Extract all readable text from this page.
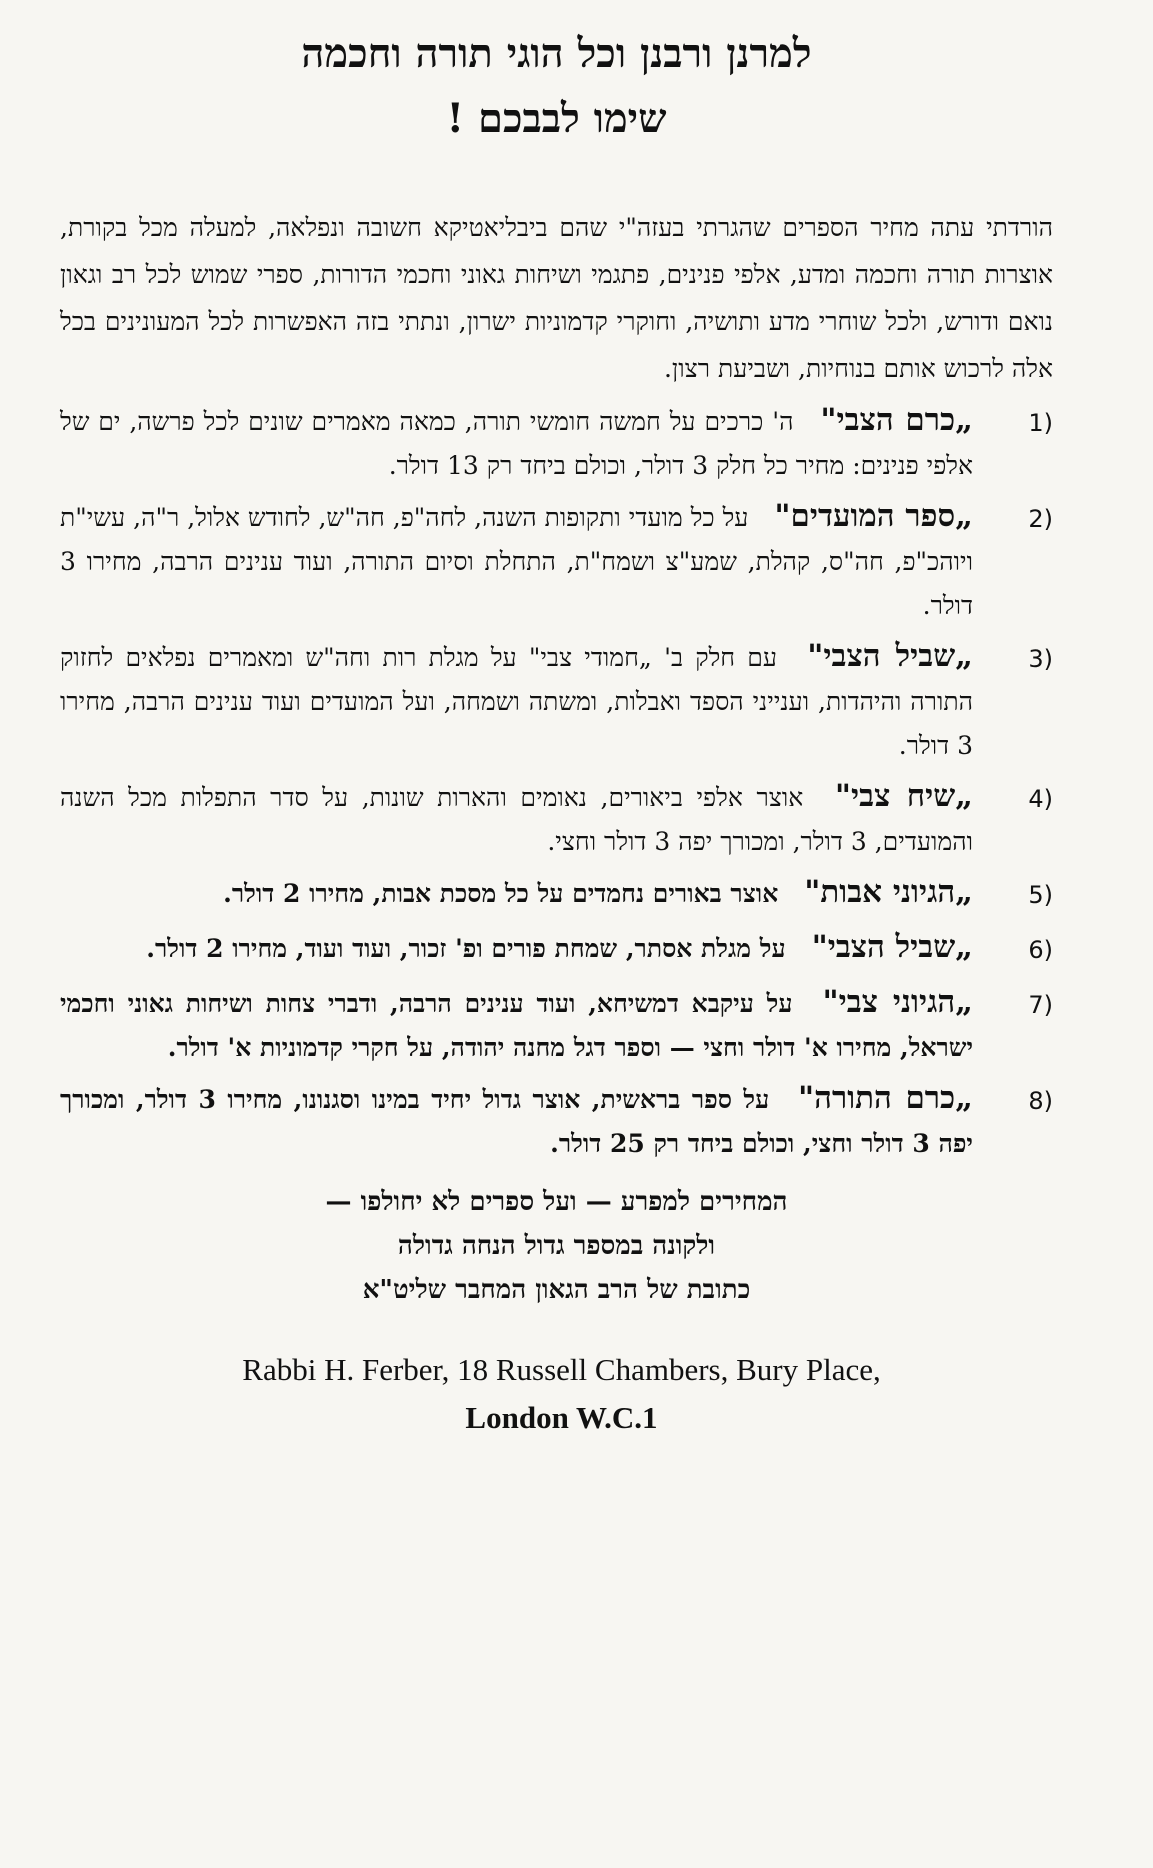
למרנן ורבנן וכל הוגי תורה וחכמה
שימו לבבכם !

הורדתי עתה מחיר הספרים שהגרתי בעזה"י שהם ביבליאטיקא חשובה ונפלאה, למעלה מכל בקורת, אוצרות תורה וחכמה ומדע, אלפי פנינים, פתגמי ושיחות גאוני וחכמי הדורות, ספרי שמוש לכל רב וגאון נואם ודורש, ולכל שוחרי מדע ותושיה, וחוקרי קדמוניות ישרון, ונתתי בזה האפשרות לכל המעונינים בכל אלה לרכוש אותם בנוחיות, ושביעת רצון.

1)
„כרם הצבי" ה' כרכים על חמשה חומשי תורה, כמאה מאמרים שונים לכל פרשה, ים של אלפי פנינים: מחיר כל חלק 3 דולר, וכולם ביחד רק 13 דולר.
2)
„ספר המועדים" על כל מועדי ותקופות השנה, לחה"פ, חה"ש, לחודש אלול, ר"ה, עשי"ת ויוהכ"פ, חה"ס, קהלת, שמע"צ ושמח"ת, התחלת וסיום התורה, ועוד ענינים הרבה, מחירו 3 דולר.
3)
„שביל הצבי" עם חלק ב' „חמודי צבי" על מגלת רות וחה"ש ומאמרים נפלאים לחזוק התורה והיהדות, וענייני הספד ואבלות, ומשתה ושמחה, ועל המועדים ועוד ענינים הרבה, מחירו 3 דולר.
4)
„שיח צבי" אוצר אלפי ביאורים, נאומים והארות שונות, על סדר התפלות מכל השנה והמועדים, 3 דולר, ומכורך יפה 3 דולר וחצי.
5)
„הגיוני אבות" אוצר באורים נחמדים על כל מסכת אבות, מחירו 2 דולר.
6)
„שביל הצבי" על מגלת אסתר, שמחת פורים ופ' זכור, ועוד ועוד, מחירו 2 דולר.
7)
„הגיוני צבי" על עיקבא דמשיחא, ועוד ענינים הרבה, ודברי צחות ושיחות גאוני וחכמי ישראל, מחירו א' דולר וחצי — וספר דגל מחנה יהודה, על חקרי קדמוניות א' דולר.
8)
„כרם התורה" על ספר בראשית, אוצר גדול יחיד במינו וסגנונו, מחירו 3 דולר, ומכורך יפה 3 דולר וחצי, וכולם ביחד רק 25 דולר.
המחירים למפרע — ועל ספרים לא יחולפו —
ולקונה במספר גדול הנחה גדולה
כתובת של הרב הגאון המחבר שליט"א
Rabbi H. Ferber, 18 Russell Chambers, Bury Place,
London W.C.1
